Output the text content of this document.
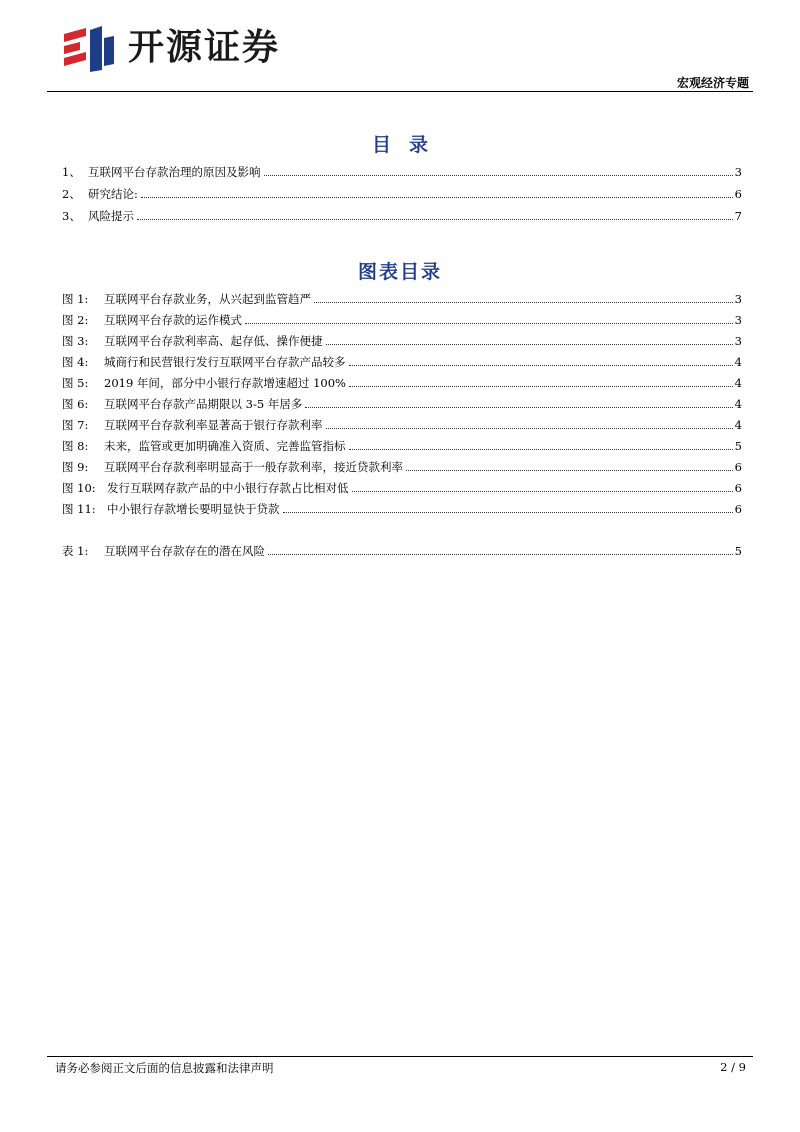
开源证券
宏观经济专题
目录
1、 互联网平台存款治理的原因及影响	3
2、 研究结论:	6
3、 风险提示	7
图表目录
图 1:	互联网平台存款业务，从兴起到监管趋严	3
图 2:	互联网平台存款的运作模式	3
图 3:	互联网平台存款利率高、起存低、操作便捷	3
图 4:	城商行和民营银行发行互联网平台存款产品较多	4
图 5:	2019 年间，部分中小银行存款增速超过 100%	4
图 6:	互联网平台存款产品期限以 3-5 年居多	4
图 7:	互联网平台存款利率显著高于银行存款利率	4
图 8:	未来，监管或更加明确准入资质、完善监管指标	5
图 9:	互联网平台存款利率明显高于一般存款利率，接近贷款利率	6
图 10: 发行互联网存款产品的中小银行存款占比相对低	6
图 11: 中小银行存款增长要明显快于贷款	6
表 1:	互联网平台存款存在的潜在风险	5
请务必参阅正文后面的信息披露和法律声明	2 / 9
